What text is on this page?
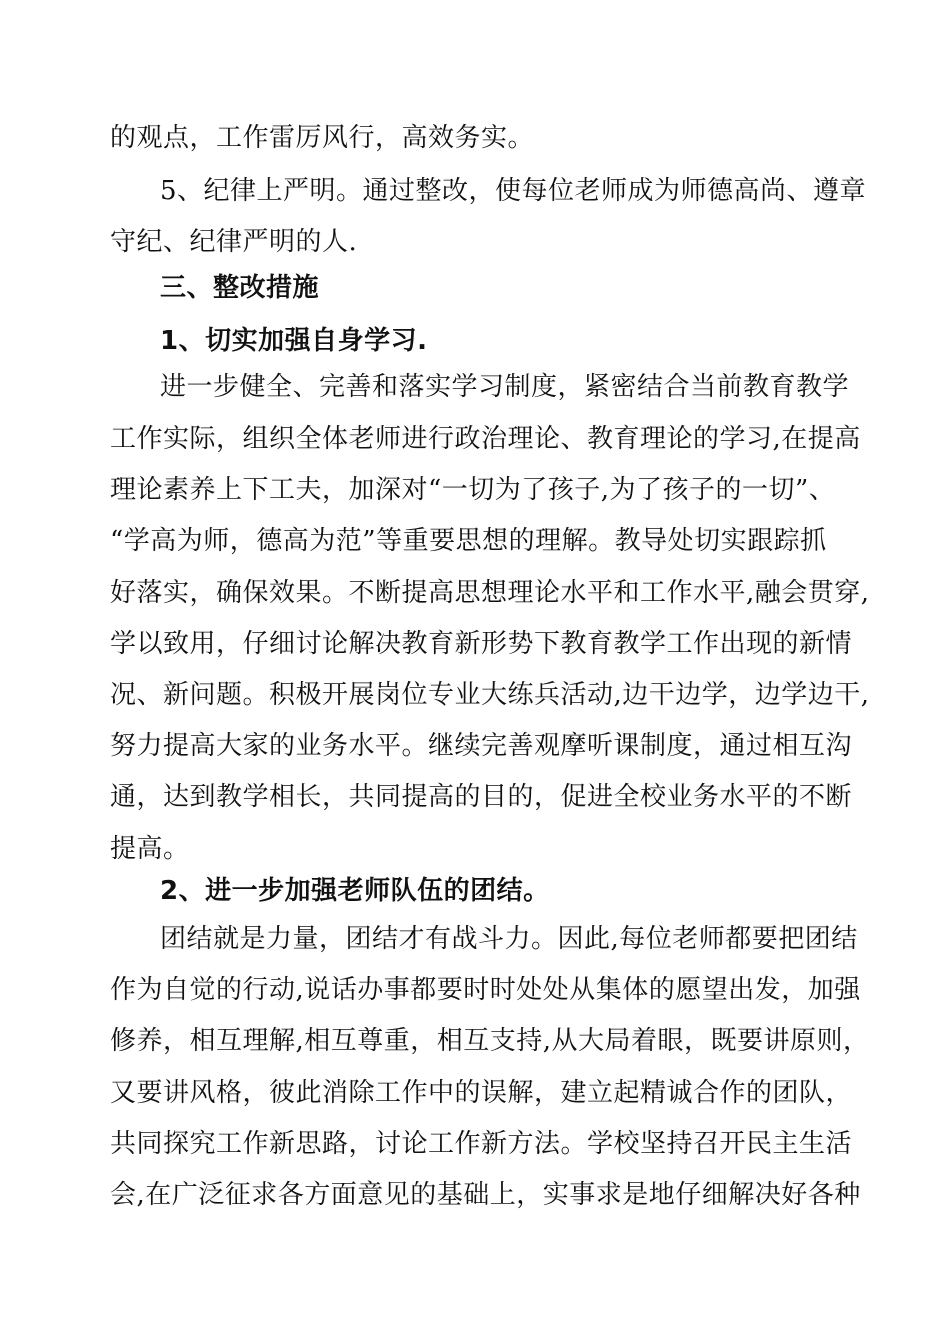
的观点，工作雷厉风行，高效务实。
5、纪律上严明。通过整改，使每位老师成为师德高尚、遵章
守纪、纪律严明的人.
三、整改措施
1、切实加强自身学习.
进一步健全、完善和落实学习制度，紧密结合当前教育教学
工作实际，组织全体老师进行政治理论、教育理论的学习,在提高
理论素养上下工夫，加深对“一切为了孩子,为了孩子的一切”、
“学高为师，德高为范”等重要思想的理解。教导处切实跟踪抓
好落实，确保效果。不断提高思想理论水平和工作水平,融会贯穿,
学以致用，仔细讨论解决教育新形势下教育教学工作出现的新情
况、新问题。积极开展岗位专业大练兵活动,边干边学，边学边干,
努力提高大家的业务水平。继续完善观摩听课制度，通过相互沟
通，达到教学相长，共同提高的目的，促进全校业务水平的不断
提高。
2、进一步加强老师队伍的团结。
团结就是力量，团结才有战斗力。因此,每位老师都要把团结
作为自觉的行动,说话办事都要时时处处从集体的愿望出发，加强
修养，相互理解,相互尊重，相互支持,从大局着眼，既要讲原则，
又要讲风格，彼此消除工作中的误解，建立起精诚合作的团队，
共同探究工作新思路，讨论工作新方法。学校坚持召开民主生活
会,在广泛征求各方面意见的基础上，实事求是地仔细解决好各种
